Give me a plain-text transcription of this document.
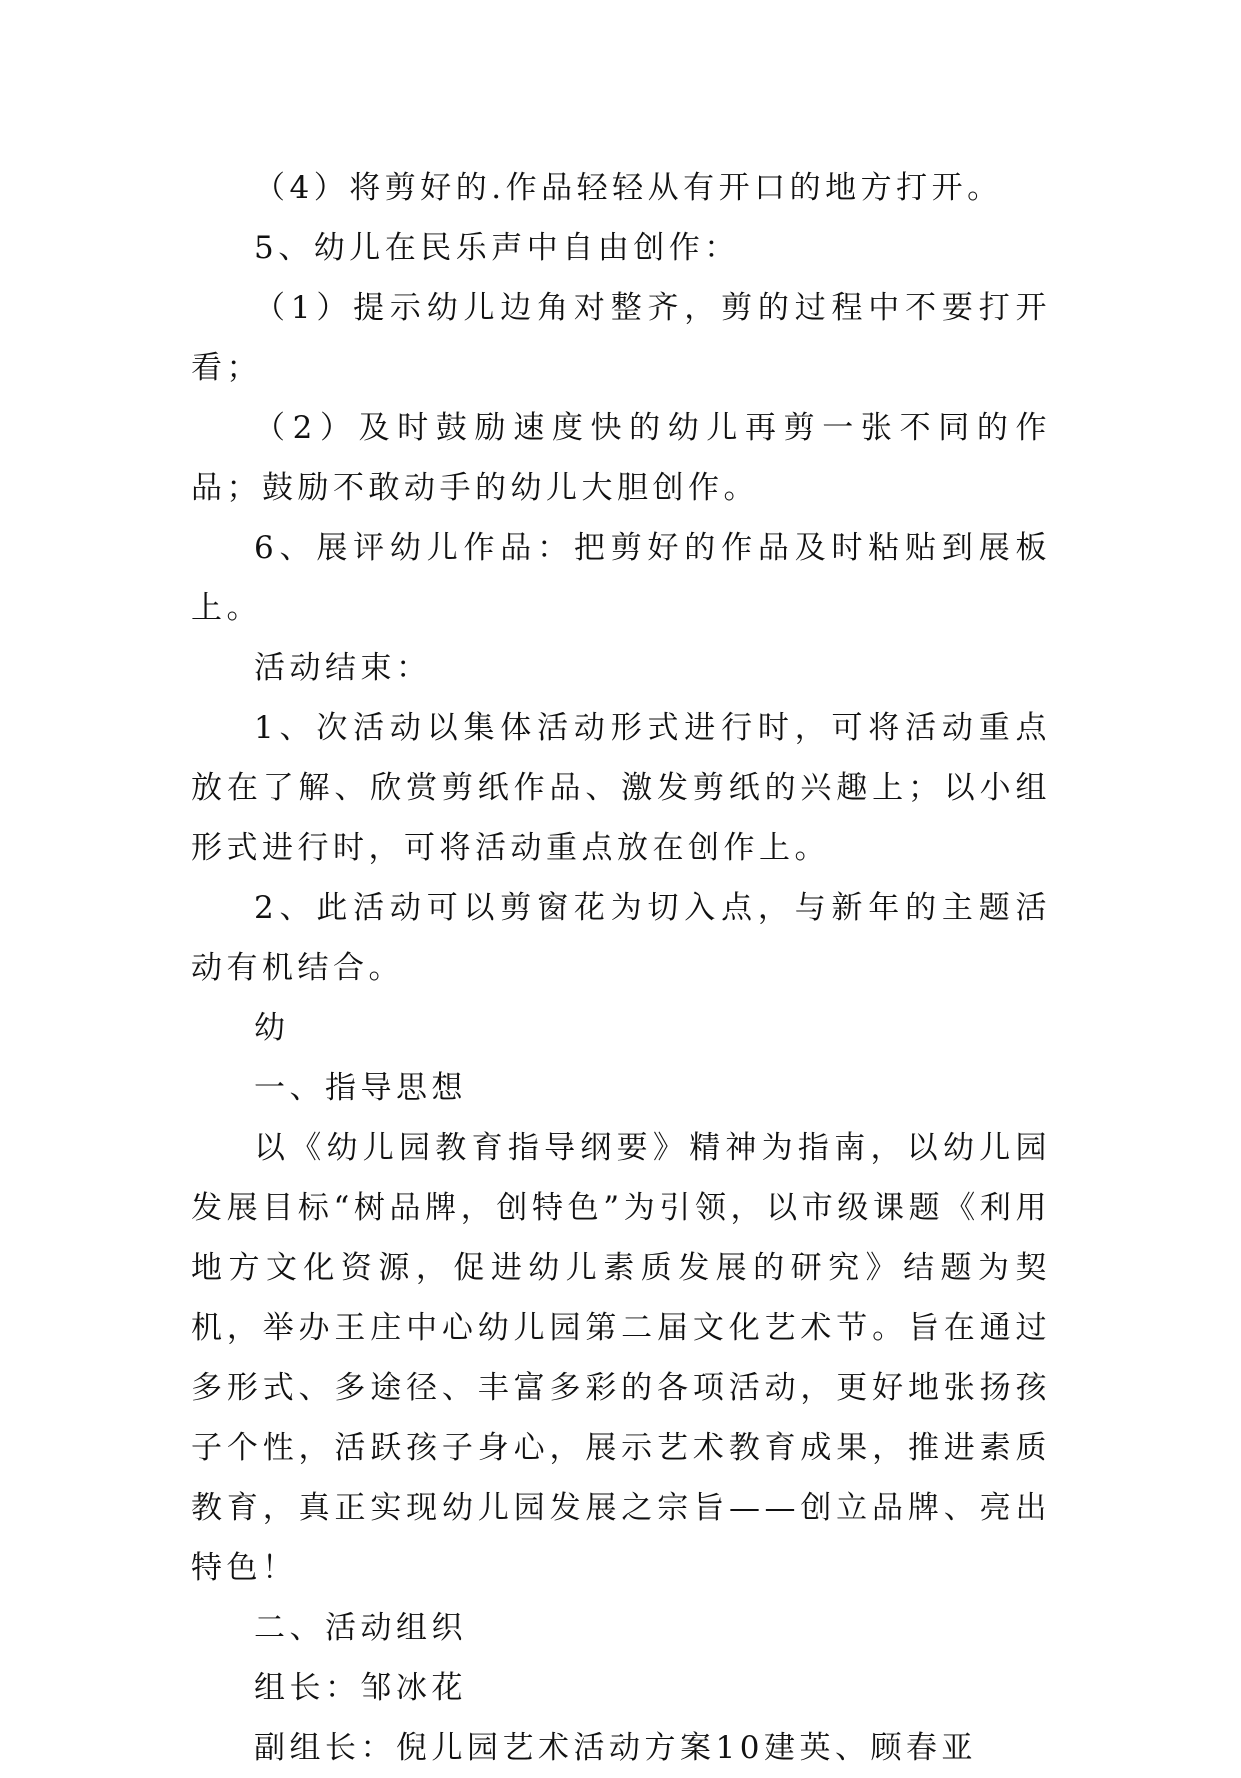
（4）将剪好的.作品轻轻从有开口的地方打开。

5、幼儿在民乐声中自由创作：

（1）提示幼儿边角对整齐，剪的过程中不要打开看；

（2）及时鼓励速度快的幼儿再剪一张不同的作品；鼓励不敢动手的幼儿大胆创作。

6、展评幼儿作品：把剪好的作品及时粘贴到展板上。

活动结束：

1、次活动以集体活动形式进行时，可将活动重点放在了解、欣赏剪纸作品、激发剪纸的兴趣上；以小组形式进行时，可将活动重点放在创作上。

2、此活动可以剪窗花为切入点，与新年的主题活动有机结合。

幼

一、指导思想

以《幼儿园教育指导纲要》精神为指南，以幼儿园发展目标“树品牌，创特色”为引领，以市级课题《利用地方文化资源，促进幼儿素质发展的研究》结题为契机，举办王庄中心幼儿园第二届文化艺术节。旨在通过多形式、多途径、丰富多彩的各项活动，更好地张扬孩子个性，活跃孩子身心，展示艺术教育成果，推进素质教育，真正实现幼儿园发展之宗旨——创立品牌、亮出特色！

二、活动组织

组长：邹冰花

副组长：倪儿园艺术活动方案10建英、顾春亚
